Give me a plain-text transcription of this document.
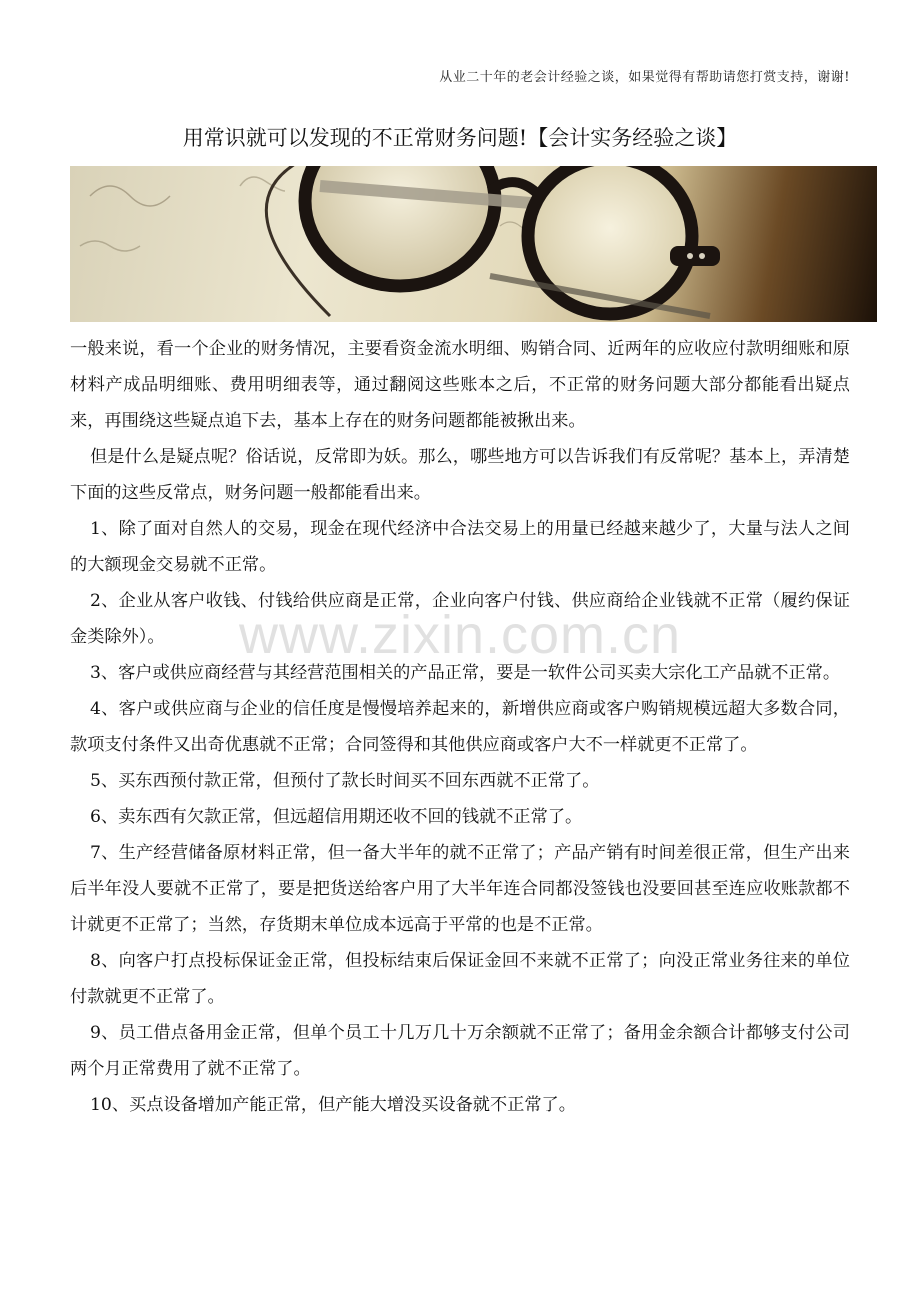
从业二十年的老会计经验之谈，如果觉得有帮助请您打赏支持，谢谢!
用常识就可以发现的不正常财务问题!【会计实务经验之谈】
www.zixin.com.cn

一般来说，看一个企业的财务情况，主要看资金流水明细、购销合同、近两年的应收应付款明细账和原材料产成品明细账、费用明细表等，通过翻阅这些账本之后，不正常的财务问题大部分都能看出疑点来，再围绕这些疑点追下去，基本上存在的财务问题都能被揪出来。

但是什么是疑点呢？俗话说，反常即为妖。那么，哪些地方可以告诉我们有反常呢？基本上，弄清楚下面的这些反常点，财务问题一般都能看出来。

1、除了面对自然人的交易，现金在现代经济中合法交易上的用量已经越来越少了，大量与法人之间的大额现金交易就不正常。

2、企业从客户收钱、付钱给供应商是正常，企业向客户付钱、供应商给企业钱就不正常（履约保证金类除外）。

3、客户或供应商经营与其经营范围相关的产品正常，要是一软件公司买卖大宗化工产品就不正常。

4、客户或供应商与企业的信任度是慢慢培养起来的，新增供应商或客户购销规模远超大多数合同，款项支付条件又出奇优惠就不正常；合同签得和其他供应商或客户大不一样就更不正常了。

5、买东西预付款正常，但预付了款长时间买不回东西就不正常了。

6、卖东西有欠款正常，但远超信用期还收不回的钱就不正常了。

7、生产经营储备原材料正常，但一备大半年的就不正常了；产品产销有时间差很正常，但生产出来后半年没人要就不正常了，要是把货送给客户用了大半年连合同都没签钱也没要回甚至连应收账款都不计就更不正常了；当然，存货期末单位成本远高于平常的也是不正常。

8、向客户打点投标保证金正常，但投标结束后保证金回不来就不正常了；向没正常业务往来的单位付款就更不正常了。

9、员工借点备用金正常，但单个员工十几万几十万余额就不正常了；备用金余额合计都够支付公司两个月正常费用了就不正常了。

10、买点设备增加产能正常，但产能大增没买设备就不正常了。
